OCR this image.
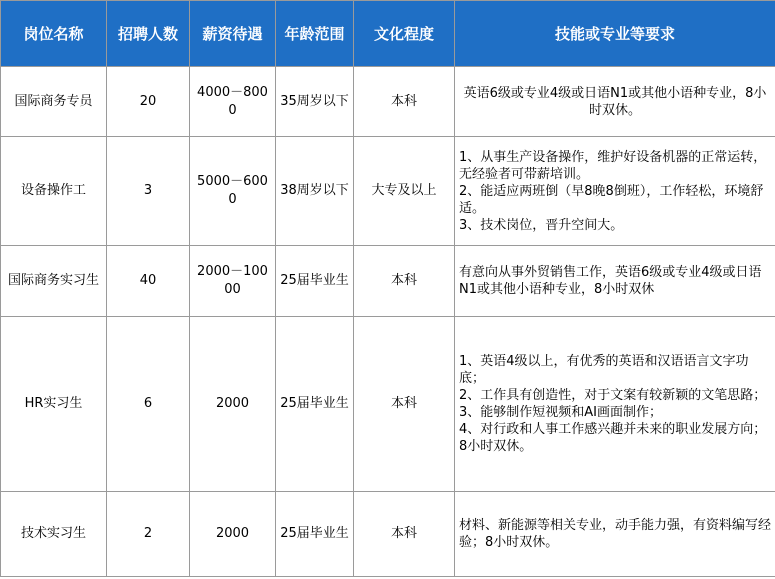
岗位名称	招聘人数	薪资待遇	年龄范围	文化程度	技能或专业等要求
国际商务专员	20	4000－8000	35周岁以下	本科	英语6级或专业4级或日语N1或其他小语种专业，8小时双休。

设备操作工	3	5000－6000	38周岁以下	大专及以上	1、从事生产设备操作，维护好设备机器的正常运转，无经验者可带薪培训。
2、能适应两班倒（早8晚8倒班），工作轻松，环境舒适。
3、技术岗位，晋升空间大。

国际商务实习生	40	2000－10000	25届毕业生	本科	有意向从事外贸销售工作，英语6级或专业4级或日语N1或其他小语种专业，8小时双休

HR实习生	6	2000	25届毕业生	本科	1、英语4级以上，有优秀的英语和汉语语言文字功底；
2、工作具有创造性，对于文案有较新颖的文笔思路；
3、能够制作短视频和AI画面制作；
4、对行政和人事工作感兴趣并未来的职业发展方向；
8小时双休。

技术实习生	2	2000	25届毕业生	本科	材料、新能源等相关专业，动手能力强，有资料编写经验；8小时双休。
